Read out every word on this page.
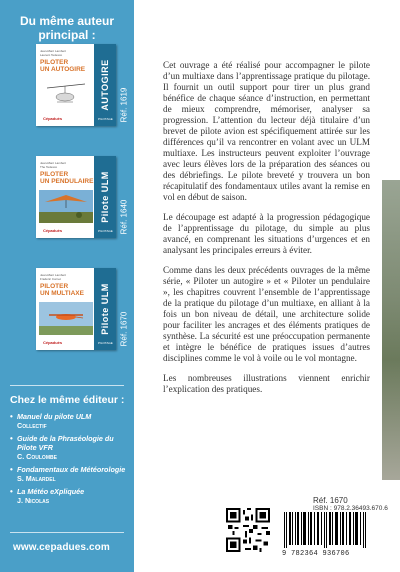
Du même auteur
principal :
Jean-Marc Lambert
Laurent Tedesco
PILOTER
UN AUTOGIRE
Cépaduès
AUTOGIRE
PILOTAGE Réf. 1619
Jean-Marc Lambert
The Tedesco
PILOTER
UN PENDULAIRE
Cépaduès
Pilote ULM
PILOTAGE Réf. 1640
Jean-Marc Lambert
Frédéric Cornet
PILOTER
UN MULTIAXE
Cépaduès
Pilote ULM
PILOTAGE Réf. 1670
Chez le même éditeur :
• Manuel du pilote ULM
Collectif
• Guide de la Phraséologie du Pilote VFR
C. Coulombe
• Fondamentaux de Météorologie
S. Malardel
• La Météo eXpliquée
J. Nicolas
www.cepadues.com

Cet ouvrage a été réalisé pour accompagner le pilote d’un multiaxe dans l’apprentissage pratique du pilotage. Il fournit un outil support pour tirer un plus grand bénéfice de chaque séance d’instruction, en permettant de mieux comprendre, mémoriser, analyser sa progression. L’attention du lecteur déjà titulaire d’un brevet de pilote avion est spécifiquement attirée sur les différences qu’il va rencontrer en volant avec un ULM multiaxe. Les instructeurs peuvent exploiter l’ouvrage avec leurs élèves lors de la préparation des séances ou des débriefings. Le pilote breveté y trouvera un bon récapitulatif des fondamentaux utiles avant la remise en vol en début de saison.

Le découpage est adapté à la progression pédagogique de l’apprentissage du pilotage, du simple au plus avancé, en comprenant les situations d’urgences et en analysant les principales erreurs à éviter.

Comme dans les deux précédents ouvrages de la même série, « Piloter un autogire » et « Piloter un pendulaire », les chapitres couvrent l’ensemble de l’apprentissage de la pratique du pilotage d’un multiaxe, en alliant à la fois un bon niveau de détail, une architecture solide pour faciliter les ancrages et des éléments pratiques de synthèse. La sécurité est une préoccupation permanente et intègre le bénéfice de pratiques issues d’autres disciplines comme le vol à voile ou le vol montagne.

Les nombreuses illustrations viennent enrichir l’explication des pratiques.

Réf. 1670
ISBN : 978.2.36493.670.6
9 782364 936706
